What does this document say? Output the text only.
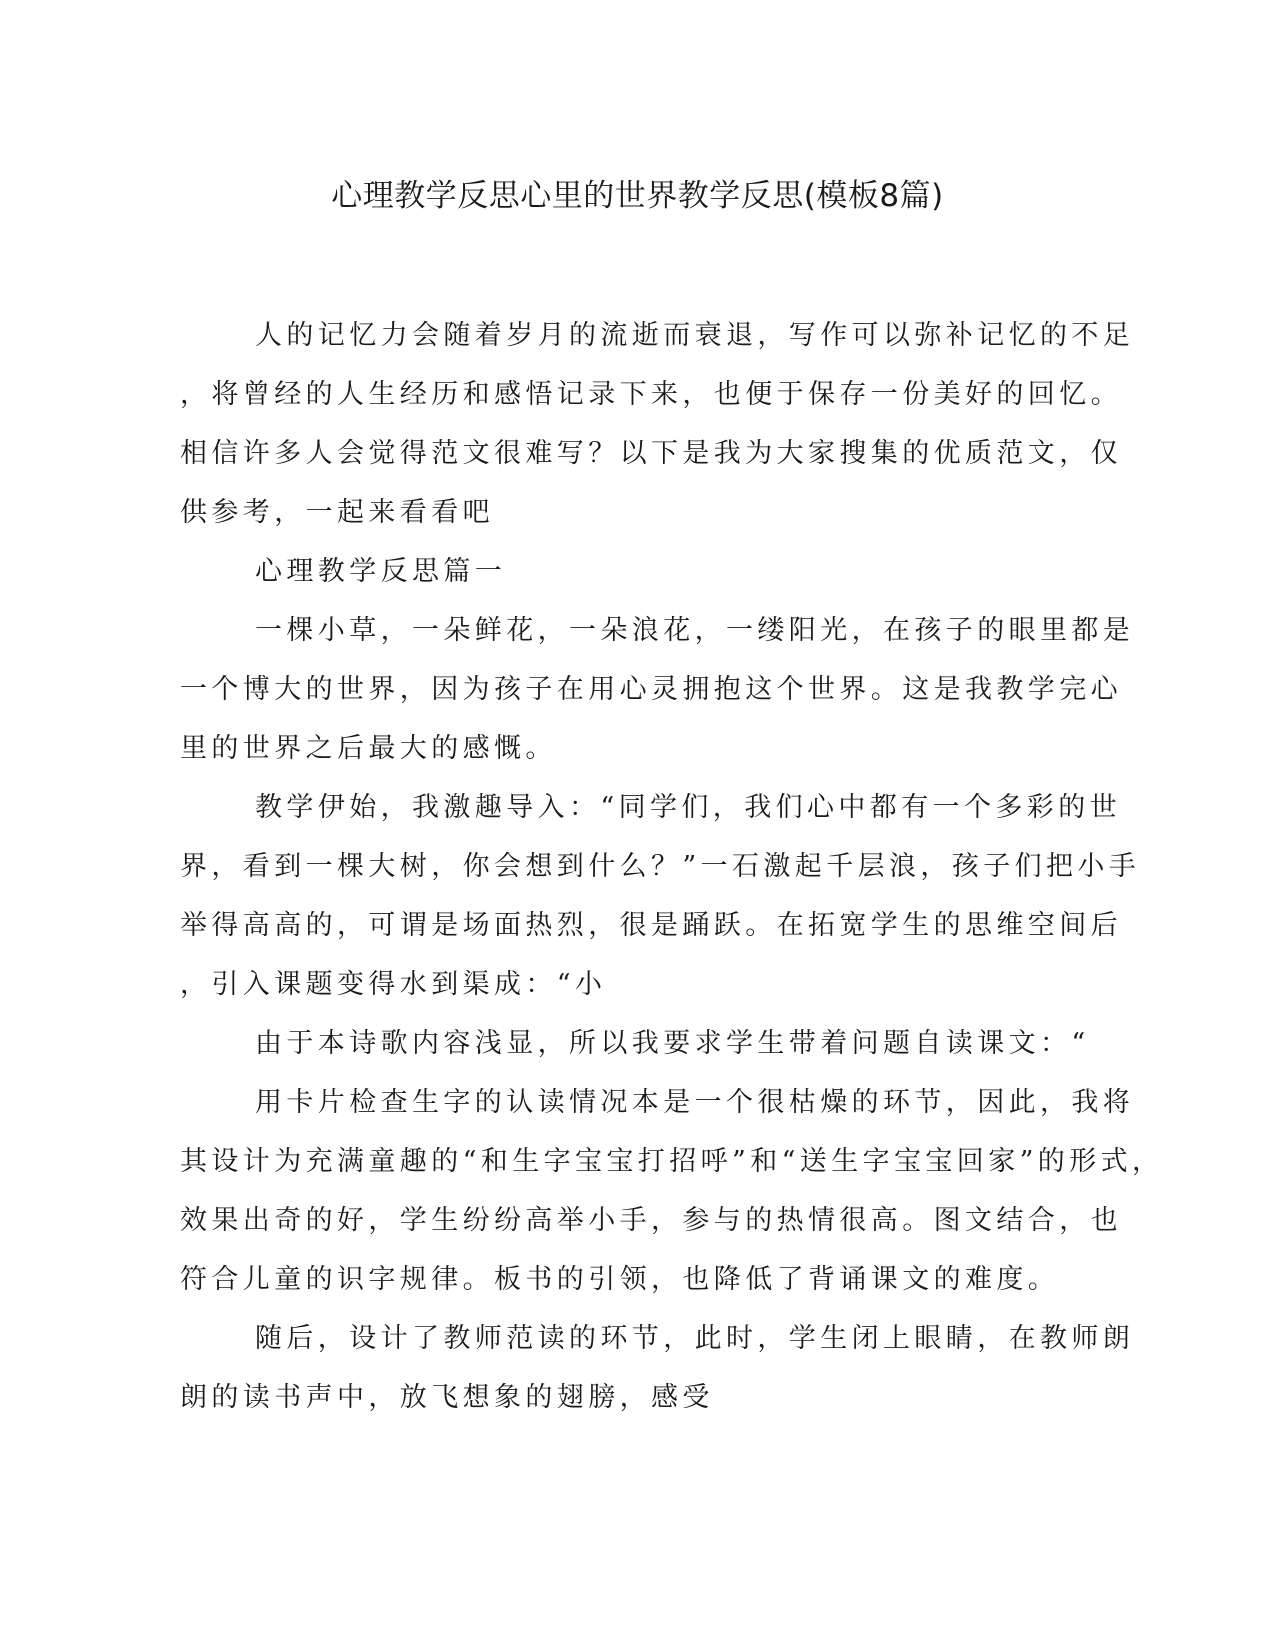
心理教学反思心里的世界教学反思(模板8篇)
人的记忆力会随着岁月的流逝而衰退，写作可以弥补记忆的不足
，将曾经的人生经历和感悟记录下来，也便于保存一份美好的回忆。
相信许多人会觉得范文很难写？以下是我为大家搜集的优质范文，仅
供参考，一起来看看吧
心理教学反思篇一
一棵小草，一朵鲜花，一朵浪花，一缕阳光，在孩子的眼里都是
一个博大的世界，因为孩子在用心灵拥抱这个世界。这是我教学完心
里的世界之后最大的感慨。
教学伊始，我激趣导入：“同学们，我们心中都有一个多彩的世
界，看到一棵大树，你会想到什么？”一石激起千层浪，孩子们把小手
举得高高的，可谓是场面热烈，很是踊跃。在拓宽学生的思维空间后
，引入课题变得水到渠成：“小
由于本诗歌内容浅显，所以我要求学生带着问题自读课文：“
用卡片检查生字的认读情况本是一个很枯燥的环节，因此，我将
其设计为充满童趣的“和生字宝宝打招呼”和“送生字宝宝回家”的形式，
效果出奇的好，学生纷纷高举小手，参与的热情很高。图文结合，也
符合儿童的识字规律。板书的引领，也降低了背诵课文的难度。
随后，设计了教师范读的环节，此时，学生闭上眼睛，在教师朗
朗的读书声中，放飞想象的翅膀，感受
